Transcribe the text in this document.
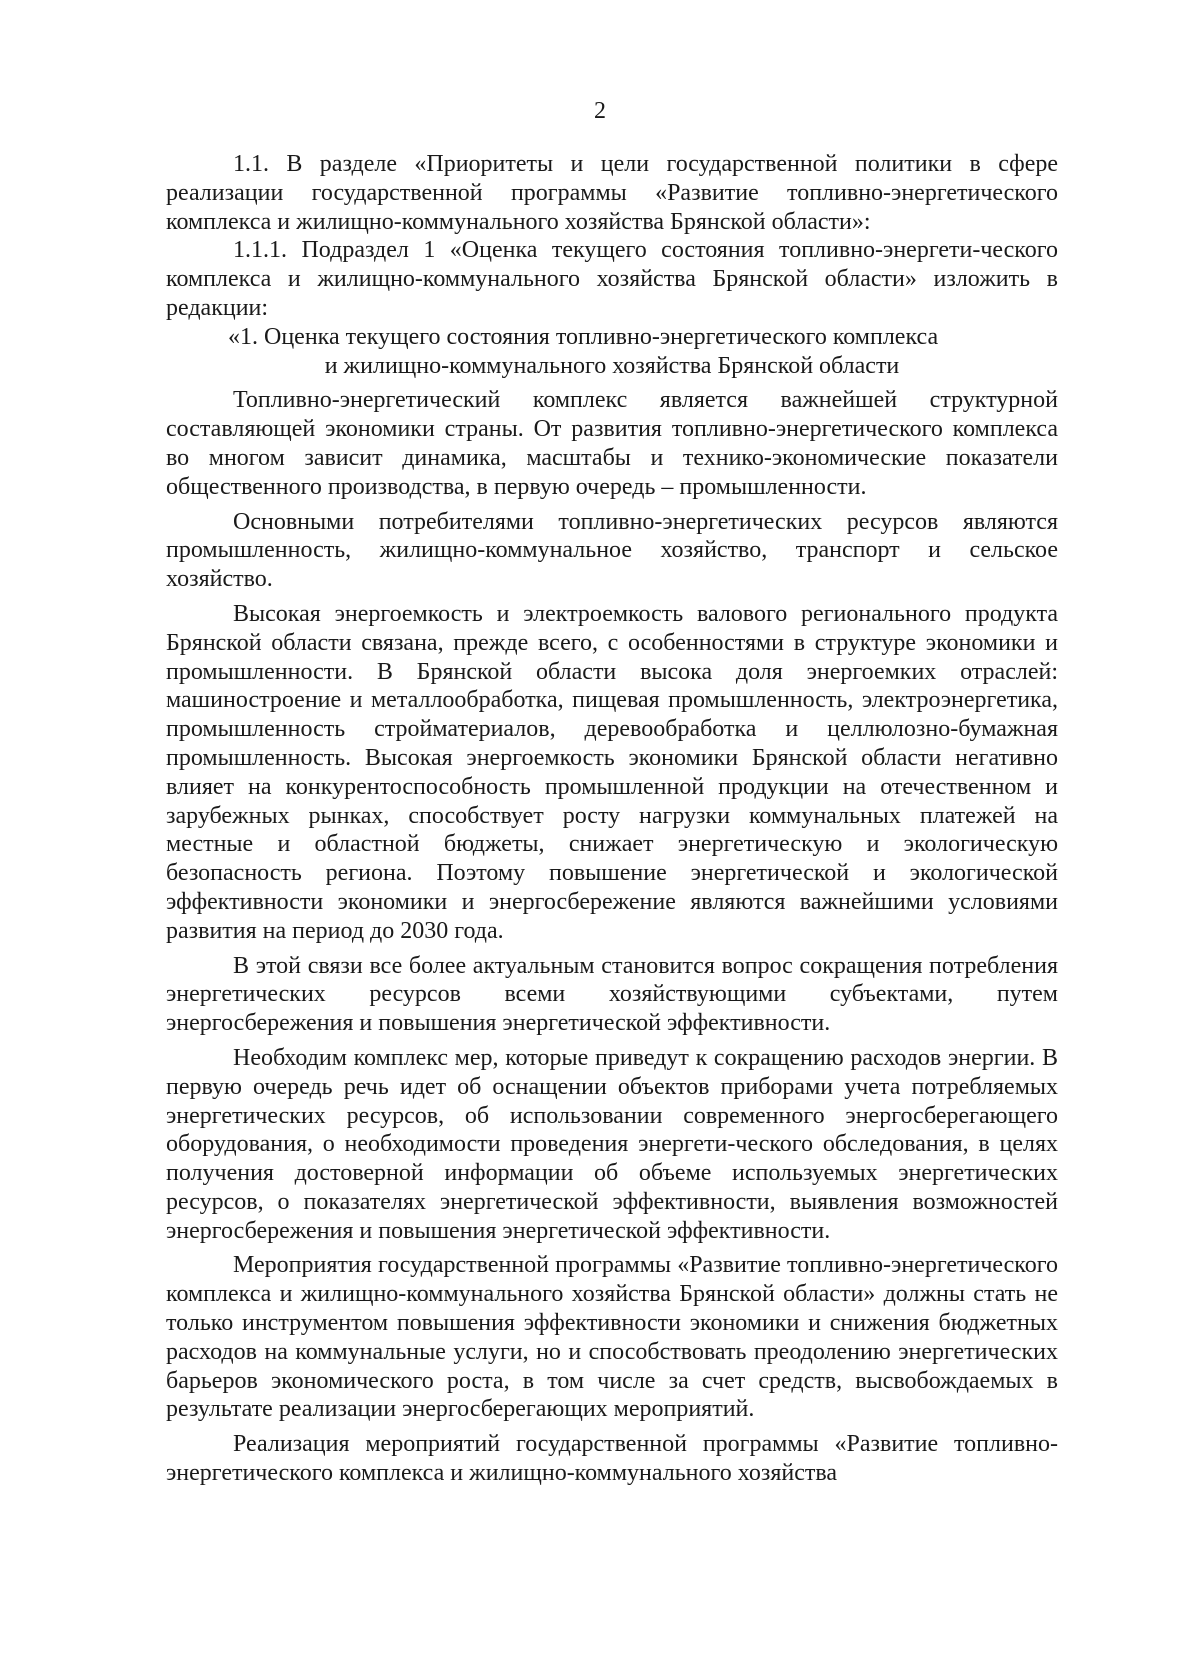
2

1.1. В разделе «Приоритеты и цели государственной политики в сфере реализации государственной программы «Развитие топливно-энергетического комплекса и жилищно-коммунального хозяйства Брянской области»:

1.1.1. Подраздел 1 «Оценка текущего состояния топливно-энергети-ческого комплекса и жилищно-коммунального хозяйства Брянской области» изложить в редакции:

«1. Оценка текущего состояния топливно-энергетического комплекса
и жилищно-коммунального хозяйства Брянской области

Топливно-энергетический комплекс является важнейшей структурной составляющей экономики страны. От развития топливно-энергетического комплекса во многом зависит динамика, масштабы и технико-экономические показатели общественного производства, в первую очередь – промышленности.

Основными потребителями топливно-энергетических ресурсов являются промышленность, жилищно-коммунальное хозяйство, транспорт и сельское хозяйство.

Высокая энергоемкость и электроемкость валового регионального продукта Брянской области связана, прежде всего, с особенностями в структуре экономики и промышленности. В Брянской области высока доля энергоемких отраслей: машиностроение и металлообработка, пищевая промышленность, электроэнергетика, промышленность стройматериалов, деревообработка и целлюлозно-бумажная промышленность. Высокая энергоемкость экономики Брянской области негативно влияет на конкурентоспособность промышленной продукции на отечественном и зарубежных рынках, способствует росту нагрузки коммунальных платежей на местные и областной бюджеты, снижает энергетическую и экологическую безопасность региона. Поэтому повышение энергетической и экологической эффективности экономики и энергосбережение являются важнейшими условиями развития на период до 2030 года.

В этой связи все более актуальным становится вопрос сокращения потребления энергетических ресурсов всеми хозяйствующими субъектами, путем энергосбережения и повышения энергетической эффективности.

Необходим комплекс мер, которые приведут к сокращению расходов энергии. В первую очередь речь идет об оснащении объектов приборами учета потребляемых энергетических ресурсов, об использовании современного энергосберегающего оборудования, о необходимости проведения энергети-ческого обследования, в целях получения достоверной информации об объеме используемых энергетических ресурсов, о показателях энергетической эффективности, выявления возможностей энергосбережения и повышения энергетической эффективности.

Мероприятия государственной программы «Развитие топливно-энергетического комплекса и жилищно-коммунального хозяйства Брянской области» должны стать не только инструментом повышения эффективности экономики и снижения бюджетных расходов на коммунальные услуги, но и способствовать преодолению энергетических барьеров экономического роста, в том числе за счет средств, высвобождаемых в результате реализации энергосберегающих мероприятий.

Реализация мероприятий государственной программы «Развитие топливно-энергетического комплекса и жилищно-коммунального хозяйства
